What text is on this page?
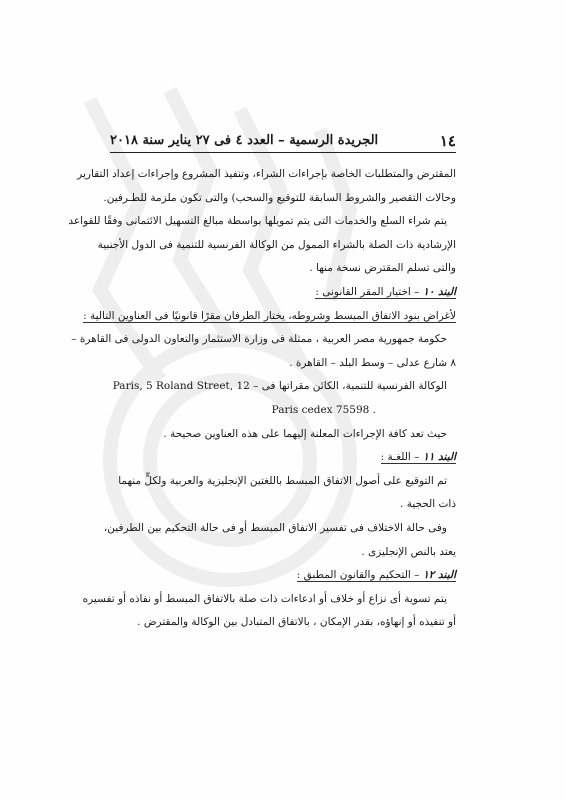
١٤
الجريدة الرسمية – العدد ٤ فى ٢٧ يناير سنة ٢٠١٨
المقترض والمتطلبات الخاصة بإجراءات الشراء، وتنفيذ المشروع وإجراءات إعداد التقارير
وحالات التقصير والشروط السابقة للتوقيع والسحب) والتى تكون ملزمة للطـرفين.
يتم شراء السلع والخدمات التى يتم تمويلها بواسطة مبالغ التسهيل الائتمانى وفقًا للقواعد
الإرشادية ذات الصلة بالشراء الممول من الوكالة الفرنسية للتنمية فى الدول الأجنبية
والتى تسلم المقترض نسخة منها .
البند ١٠ – اختيار المقر القانونى :
لأغراض بنود الاتفاق المبسط وشروطه، يختار الطرفان مقرًا قانونيًا فى العناوين التالية :
حكومة جمهورية مصر العربية ، ممثلة فى وزارة الاستثمار والتعاون الدولى فى القاهرة –
٨ شارع عدلى – وسط البلد – القاهرة .
الوكالة الفرنسية للتنمية، الكائن مقراتها فى – Paris, 5 Roland Street, 12
Paris cedex 75598 .
حيث تعد كافة الإجراءات المعلنة إليهما على هذه العناوين صحيحة .
البند ١١ – اللغـة :
تم التوقيع على أصول الاتفاق المبسط باللغتين الإنجليزية والعربية ولكلٍّ منهما
ذات الحجية .
وفى حالة الاختلاف فى تفسير الاتفاق المبسط أو فى حالة التحكيم بين الطرفين،
يعتد بالنص الإنجليزى .
البند ١٢ – التحكيم والقانون المطبق :
يتم تسوية أى نزاع أو خلاف أو ادعاءات ذات صلة بالاتفاق المبسط أو نفاذه أو تفسيره
أو تنفيذه أو إنهاؤه، بقدر الإمكان ، بالاتفاق المتبادل بين الوكالة والمقترض .
